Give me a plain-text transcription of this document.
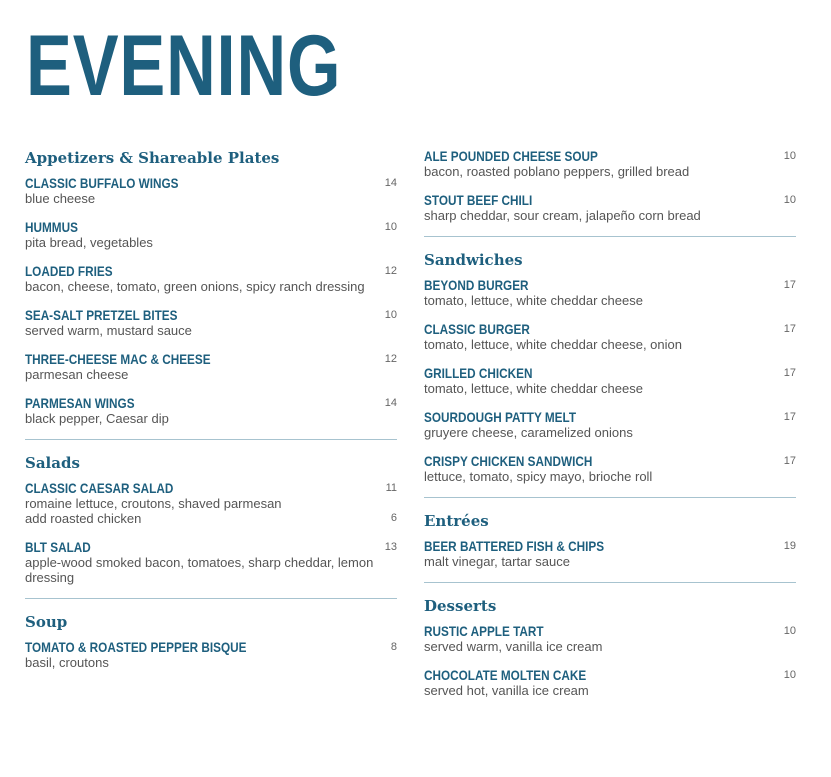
EVENING
Appetizers & Shareable Plates
CLASSIC BUFFALO WINGS	14
blue cheese
HUMMUS	10
pita bread, vegetables
LOADED FRIES	12
bacon, cheese, tomato, green onions, spicy ranch dressing
SEA-SALT PRETZEL BITES	10
served warm, mustard sauce
THREE-CHEESE MAC & CHEESE	12
parmesan cheese
PARMESAN WINGS	14
black pepper, Caesar dip
Salads
CLASSIC CAESAR SALAD	11
romaine lettuce, croutons, shaved parmesan
add roasted chicken	6
BLT SALAD	13
apple-wood smoked bacon, tomatoes, sharp cheddar, lemon dressing
Soup
TOMATO & ROASTED PEPPER BISQUE	8
basil, croutons
ALE POUNDED CHEESE SOUP	10
bacon, roasted poblano peppers, grilled bread
STOUT BEEF CHILI	10
sharp cheddar, sour cream, jalapeño corn bread
Sandwiches
BEYOND BURGER	17
tomato, lettuce, white cheddar cheese
CLASSIC BURGER	17
tomato, lettuce, white cheddar cheese, onion
GRILLED CHICKEN	17
tomato, lettuce, white cheddar cheese
SOURDOUGH PATTY MELT	17
gruyere cheese, caramelized onions
CRISPY CHICKEN SANDWICH	17
lettuce, tomato, spicy mayo, brioche roll
Entrées
BEER BATTERED FISH & CHIPS	19
malt vinegar, tartar sauce
Desserts
RUSTIC APPLE TART	10
served warm, vanilla ice cream
CHOCOLATE MOLTEN CAKE	10
served hot, vanilla ice cream
